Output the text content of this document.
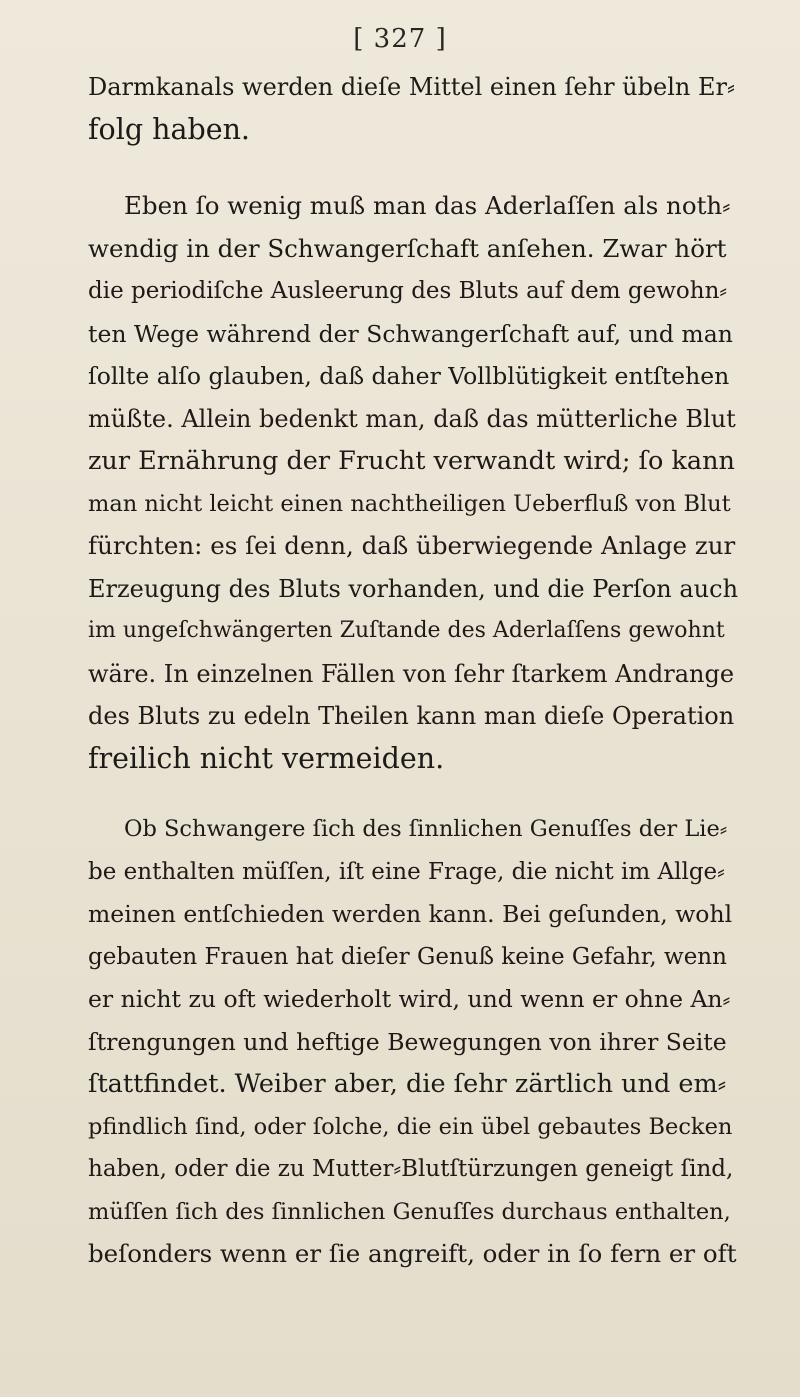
[ 327 ]
Darmkanals werden dieſe Mittel einen ſehr übeln Er⸗
folg haben.
Eben ſo wenig muß man das Aderlaſſen als noth⸗
wendig in der Schwangerſchaft anſehen. Zwar hört
die periodiſche Ausleerung des Bluts auf dem gewohn⸗
ten Wege während der Schwangerſchaft auf, und man
ſollte alſo glauben, daß daher Vollblütigkeit entſtehen
müßte. Allein bedenkt man, daß das mütterliche Blut
zur Ernährung der Frucht verwandt wird; ſo kann
man nicht leicht einen nachtheiligen Ueberfluß von Blut
fürchten: es ſei denn, daß überwiegende Anlage zur
Erzeugung des Bluts vorhanden, und die Perſon auch
im ungeſchwängerten Zuſtande des Aderlaſſens gewohnt
wäre. In einzelnen Fällen von ſehr ſtarkem Andrange
des Bluts zu edeln Theilen kann man dieſe Operation
freilich nicht vermeiden.
Ob Schwangere ſich des ſinnlichen Genuſſes der Lie⸗
be enthalten müſſen, iſt eine Frage, die nicht im Allge⸗
meinen entſchieden werden kann. Bei geſunden, wohl
gebauten Frauen hat dieſer Genuß keine Gefahr, wenn
er nicht zu oft wiederholt wird, und wenn er ohne An⸗
ſtrengungen und heftige Bewegungen von ihrer Seite
ſtattfindet. Weiber aber, die ſehr zärtlich und em⸗
pfindlich ſind, oder ſolche, die ein übel gebautes Becken
haben, oder die zu Mutter⸗Blutſtürzungen geneigt ſind,
müſſen ſich des ſinnlichen Genuſſes durchaus enthalten,
beſonders wenn er ſie angreift, oder in ſo fern er oft
